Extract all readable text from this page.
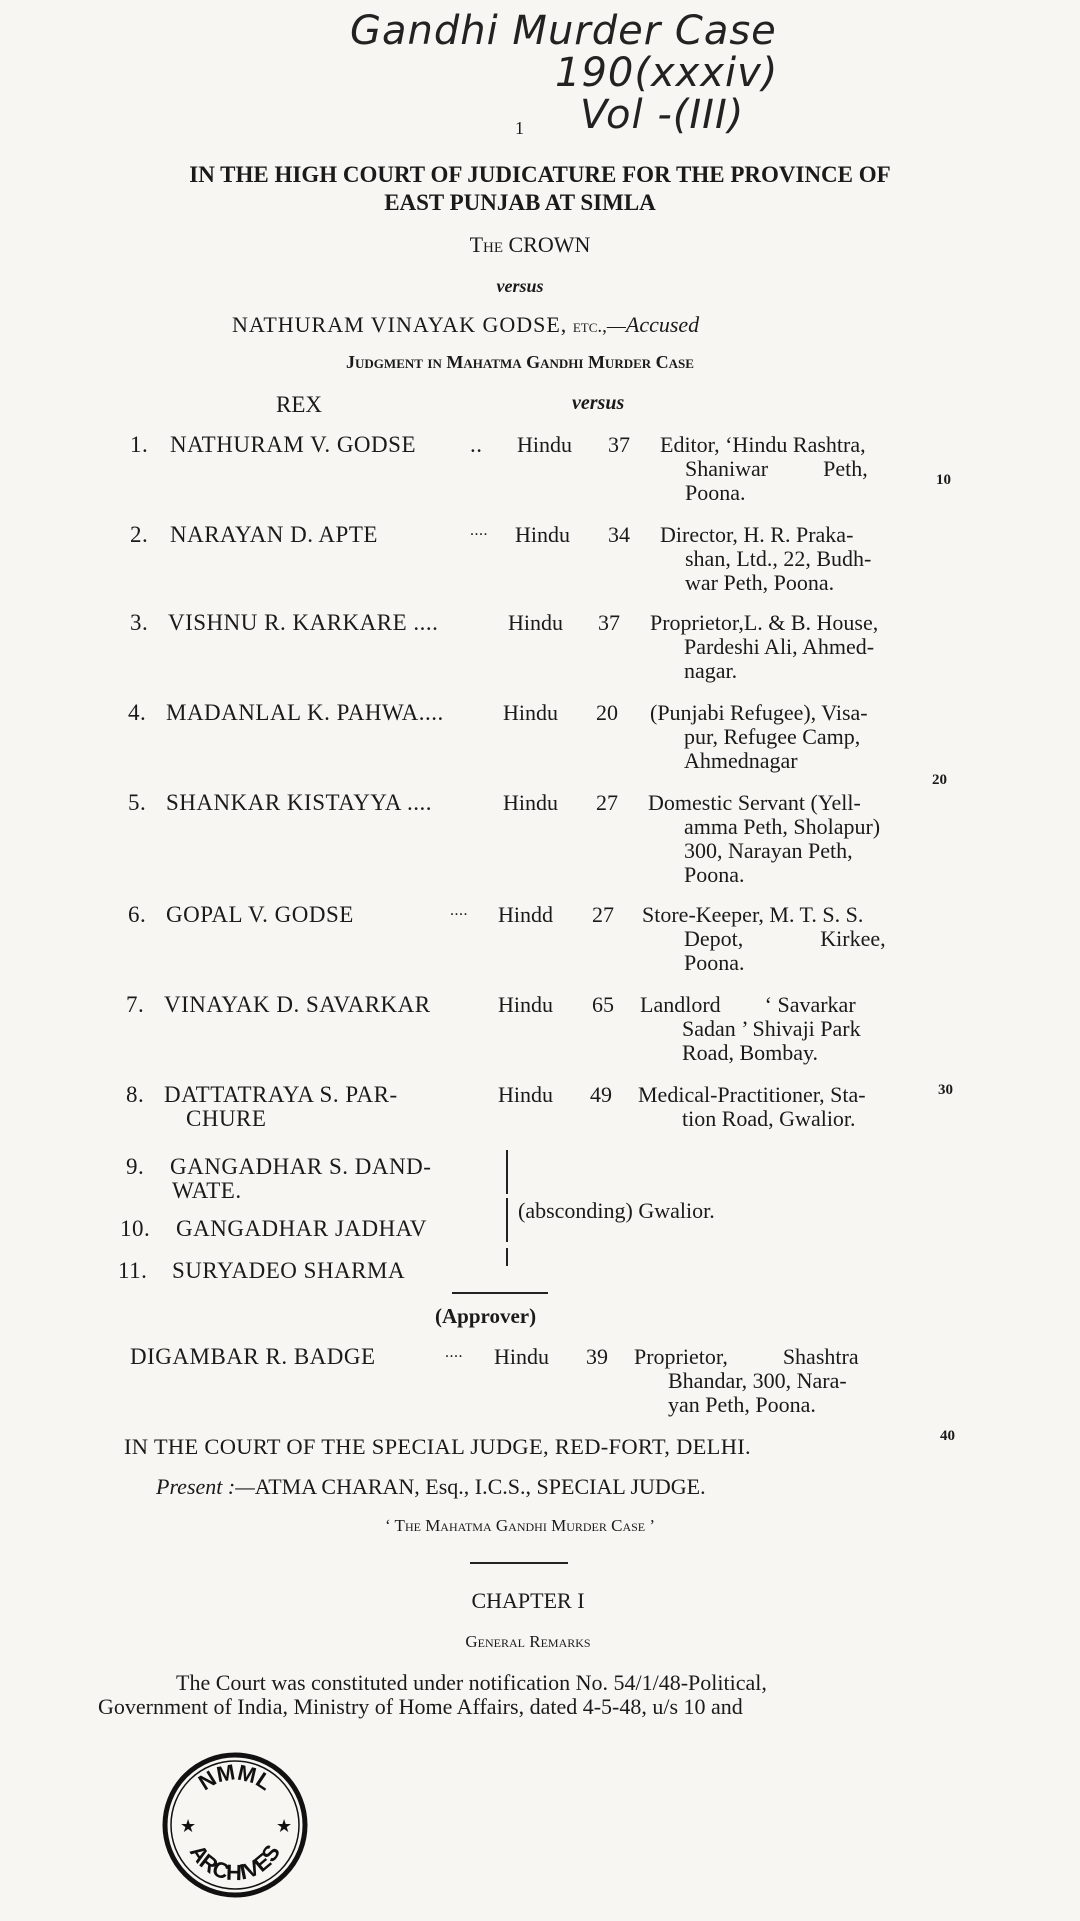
Gandhi Murder Case
190(xxxiv)
Vol -(III)
1
IN THE HIGH COURT OF JUDICATURE FOR THE PROVINCE OF
EAST PUNJAB AT SIMLA
The CROWN
versus
NATHURAM VINAYAK GODSE, etc.,—Accused
Judgment in Mahatma Gandhi Murder Case
REX	versus
1. NATHURAM V. GODSE .. Hindu 37 Editor, ‘Hindu Rashtra,
Shaniwar          Peth,
Poona.
2. NARAYAN D. APTE	.... Hindu 34 Director, H. R. Praka-
shan, Ltd., 22, Budh-
war Peth, Poona.
3. VISHNU R. KARKARE ....	Hindu 37 Proprietor,L. & B. House,
Pardeshi Ali, Ahmed-
nagar.
4. MADANLAL K. PAHWA....	Hindu 20 (Punjabi Refugee), Visa-
pur, Refugee Camp,
Ahmednagar
5. SHANKAR KISTAYYA ....	Hindu 27 Domestic Servant (Yell-
amma Peth, Sholapur)
300, Narayan Peth,
Poona.
6. GOPAL V. GODSE	.... Hindd 27 Store-Keeper, M. T. S. S.
Depot,              Kirkee,
Poona.
7. VINAYAK D. SAVARKAR	Hindu 65 Landlord        ‘ Savarkar
Sadan ’ Shivaji Park
Road, Bombay.
8. DATTATRAYA S. PAR-
CHURE
Hindu 49 Medical-Practitioner, Sta-
tion Road, Gwalior.
9. GANGADHAR S. DAND-
WATE.
10. GANGADHAR JADHAV
11. SURYADEO SHARMA
(absconding) Gwalior.
(Approver)
DIGAMBAR R. BADGE	.... Hindu 39 Proprietor,          Shashtra
Bhandar, 300, Nara-
yan Peth, Poona.
IN THE COURT OF THE SPECIAL JUDGE, RED-FORT, DELHI.
Present :—ATMA CHARAN, Esq., I.C.S., SPECIAL JUDGE.
‘ The Mahatma Gandhi Murder Case ’
CHAPTER I
General Remarks
The Court was constituted under notification No. 54/1/48-Political,
Government of India, Ministry of Home Affairs, dated 4-5-48, u/s 10 and
10
20
30
40
NMML
ARCHIVES
★	★
